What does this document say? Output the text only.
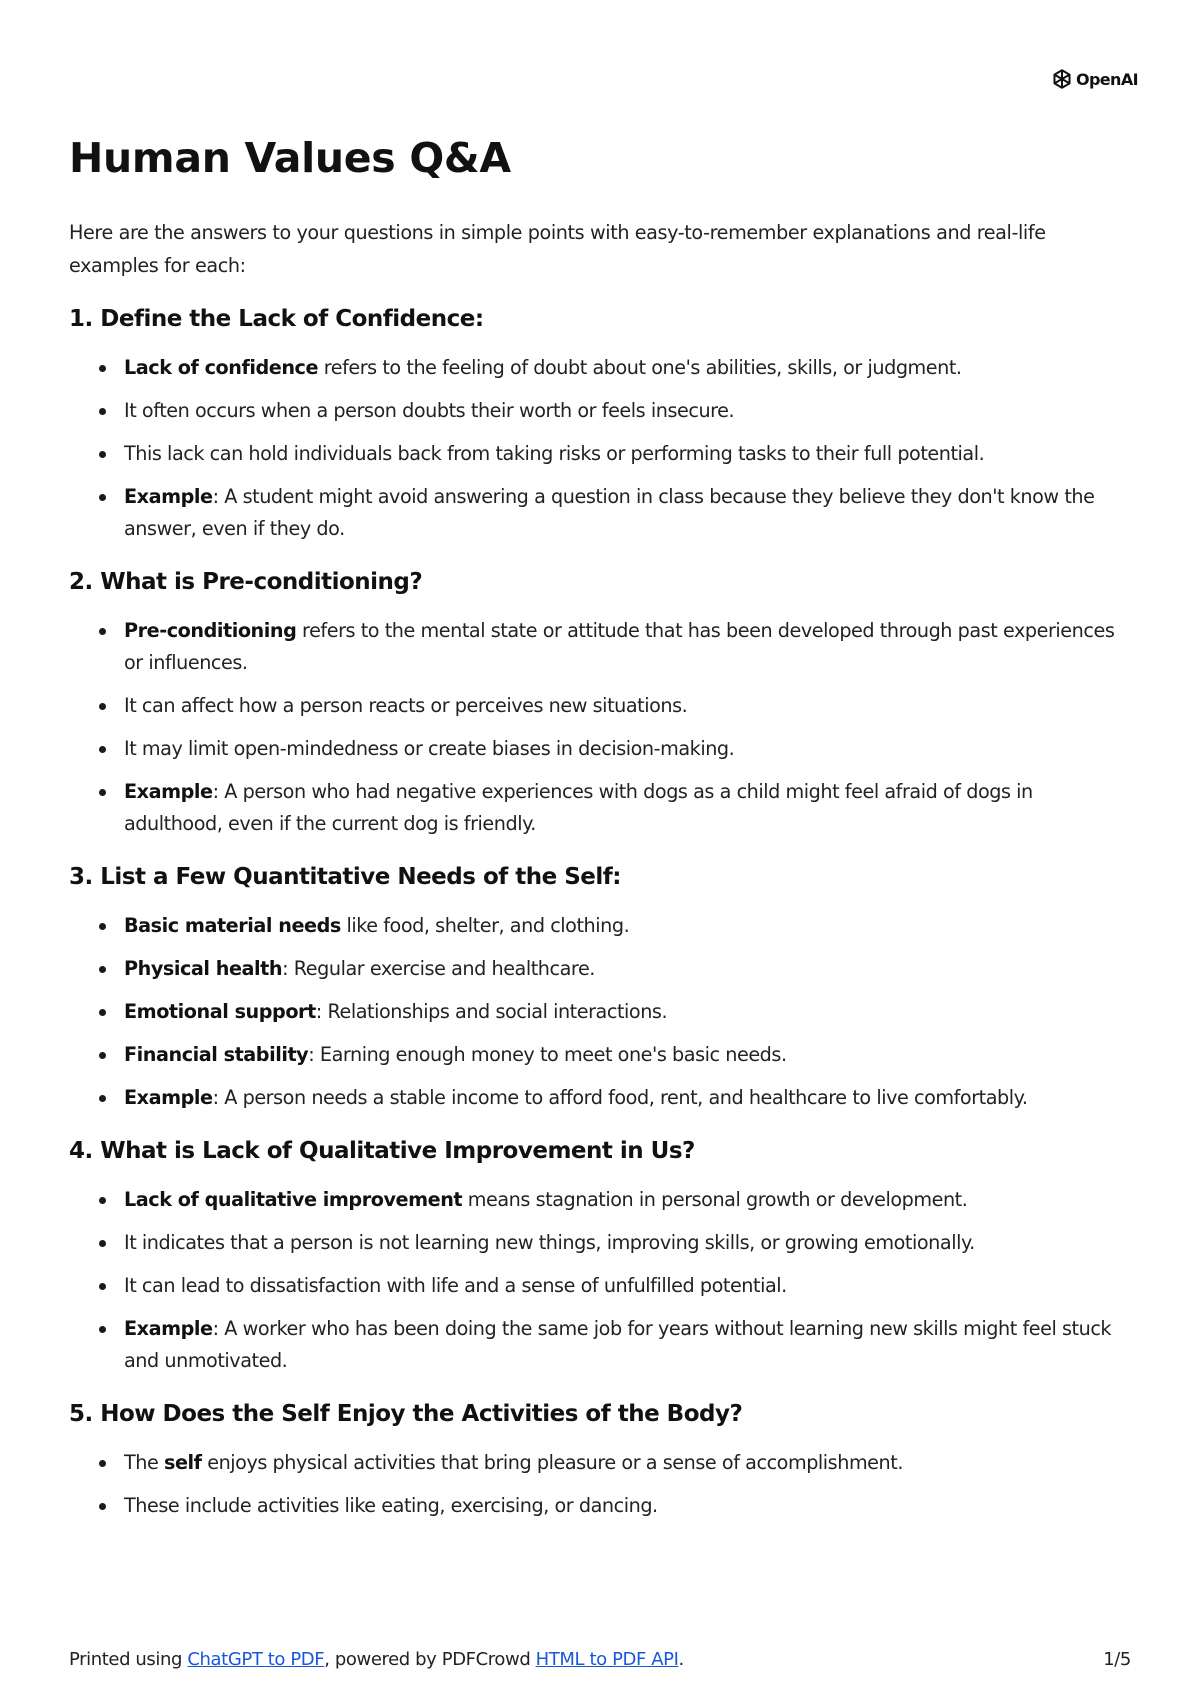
OpenAI
Human Values Q&A

Here are the answers to your questions in simple points with easy-to-remember explanations and real-life examples for each:

1. Define the Lack of Confidence:
Lack of confidence refers to the feeling of doubt about one's abilities, skills, or judgment.
It often occurs when a person doubts their worth or feels insecure.
This lack can hold individuals back from taking risks or performing tasks to their full potential.
Example: A student might avoid answering a question in class because they believe they don't know the answer, even if they do.
2. What is Pre-conditioning?
Pre-conditioning refers to the mental state or attitude that has been developed through past experiences or influences.
It can affect how a person reacts or perceives new situations.
It may limit open-mindedness or create biases in decision-making.
Example: A person who had negative experiences with dogs as a child might feel afraid of dogs in adulthood, even if the current dog is friendly.
3. List a Few Quantitative Needs of the Self:
Basic material needs like food, shelter, and clothing.
Physical health: Regular exercise and healthcare.
Emotional support: Relationships and social interactions.
Financial stability: Earning enough money to meet one's basic needs.
Example: A person needs a stable income to afford food, rent, and healthcare to live comfortably.
4. What is Lack of Qualitative Improvement in Us?
Lack of qualitative improvement means stagnation in personal growth or development.
It indicates that a person is not learning new things, improving skills, or growing emotionally.
It can lead to dissatisfaction with life and a sense of unfulfilled potential.
Example: A worker who has been doing the same job for years without learning new skills might feel stuck and unmotivated.
5. How Does the Self Enjoy the Activities of the Body?
The self enjoys physical activities that bring pleasure or a sense of accomplishment.
These include activities like eating, exercising, or dancing.
Printed using ChatGPT to PDF, powered by PDFCrowd HTML to PDF API.	1/5
